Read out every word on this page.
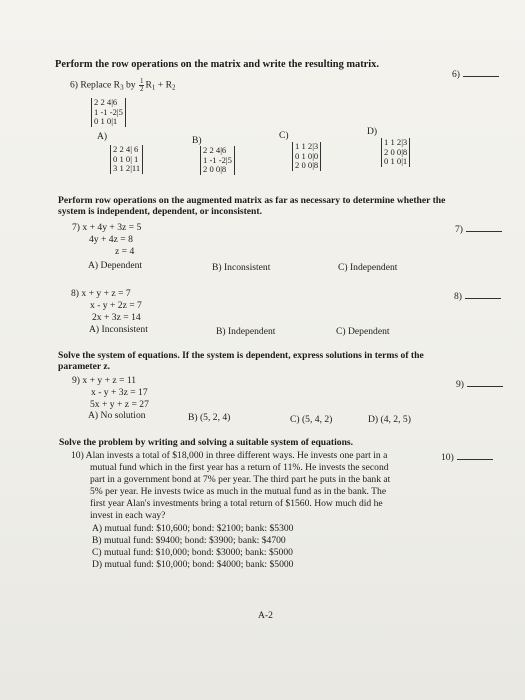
Perform the row operations on the matrix and write the resulting matrix.
6)
6) Replace $R_3$ by $\frac{1}{2} R_1 + R_2$
2 2 4|6
1 -1 -2|5
0 1 0|1
A)	B)	C)	D)
2 2 4| 6
0 1 0| 1
3 1 2|11
2 2 4|6
1 -1 -2|5
2 0 0|8
1 1 2|3
0 1 0|0
2 0 0|8
1 1 2|3
2 0 0|8
0 1 0|1
Perform row operations on the augmented matrix as far as necessary to determine whether the
system is independent, dependent, or inconsistent.
7)
7) x + 4y + 3z = 5
4y + 4z = 8
z = 4
A) Dependent	B) Inconsistent	C) Independent
8)
8) x + y + z = 7
x - y + 2z = 7
2x + 3z = 14
A) Inconsistent	B) Independent	C) Dependent
Solve the system of equations. If the system is dependent, express solutions in terms of the
parameter z.
9)
9) x + y + z = 11
x - y + 3z = 17
5x + y + z = 27
A) No solution	B) (5, 2, 4)	C) (5, 4, 2)	D) (4, 2, 5)
Solve the problem by writing and solving a suitable system of equations.
10)
10) Alan invests a total of $18,000 in three different ways. He invests one part in a
mutual fund which in the first year has a return of 11%. He invests the second
part in a government bond at 7% per year. The third part he puts in the bank at
5% per year. He invests twice as much in the mutual fund as in the bank. The
first year Alan's investments bring a total return of $1560. How much did he
invest in each way?
A) mutual fund: $10,600; bond: $2100; bank: $5300
B) mutual fund: $9400; bond: $3900; bank: $4700
C) mutual fund: $10,000; bond: $3000; bank: $5000
D) mutual fund: $10,000; bond: $4000; bank: $5000
A-2
